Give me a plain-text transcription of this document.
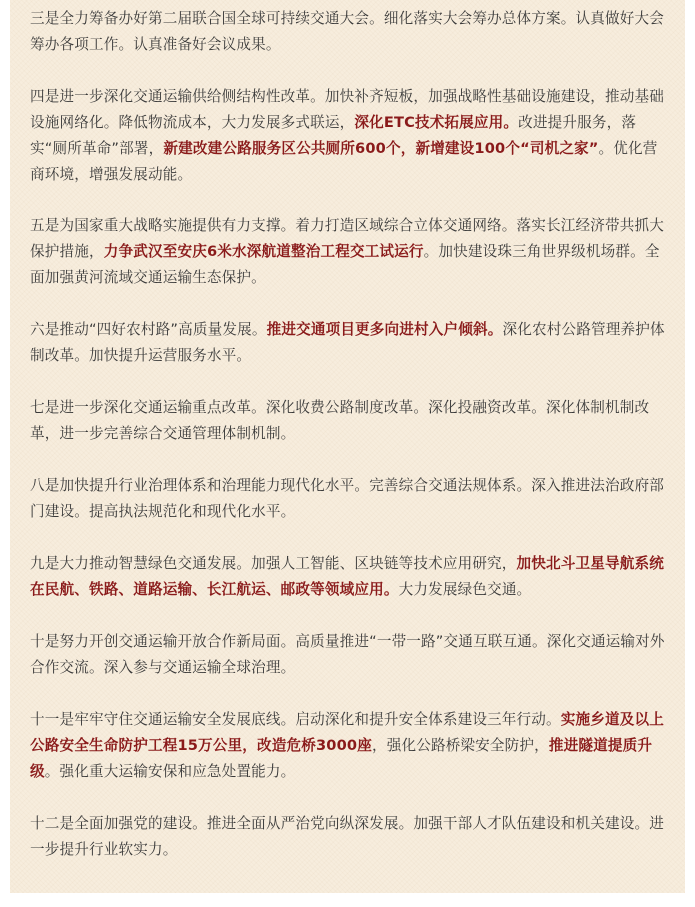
三是全力筹备办好第二届联合国全球可持续交通大会。细化落实大会筹办总体方案。认真做好大会筹办各项工作。认真准备好会议成果。

四是进一步深化交通运输供给侧结构性改革。加快补齐短板，加强战略性基础设施建设，推动基础设施网络化。降低物流成本，大力发展多式联运，深化ETC技术拓展应用。改进提升服务，落实“厕所革命”部署，新建改建公路服务区公共厕所600个，新增建设100个“司机之家”。优化营商环境，增强发展动能。

五是为国家重大战略实施提供有力支撑。着力打造区域综合立体交通网络。落实长江经济带共抓大保护措施，力争武汉至安庆6米水深航道整治工程交工试运行。加快建设珠三角世界级机场群。全面加强黄河流域交通运输生态保护。

六是推动“四好农村路”高质量发展。推进交通项目更多向进村入户倾斜。深化农村公路管理养护体制改革。加快提升运营服务水平。

七是进一步深化交通运输重点改革。深化收费公路制度改革。深化投融资改革。深化体制机制改革，进一步完善综合交通管理体制机制。

八是加快提升行业治理体系和治理能力现代化水平。完善综合交通法规体系。深入推进法治政府部门建设。提高执法规范化和现代化水平。

九是大力推动智慧绿色交通发展。加强人工智能、区块链等技术应用研究，加快北斗卫星导航系统在民航、铁路、道路运输、长江航运、邮政等领域应用。大力发展绿色交通。

十是努力开创交通运输开放合作新局面。高质量推进“一带一路”交通互联互通。深化交通运输对外合作交流。深入参与交通运输全球治理。

十一是牢牢守住交通运输安全发展底线。启动深化和提升安全体系建设三年行动。实施乡道及以上公路安全生命防护工程15万公里，改造危桥3000座，强化公路桥梁安全防护，推进隧道提质升级。强化重大运输安保和应急处置能力。

十二是全面加强党的建设。推进全面从严治党向纵深发展。加强干部人才队伍建设和机关建设。进一步提升行业软实力。
